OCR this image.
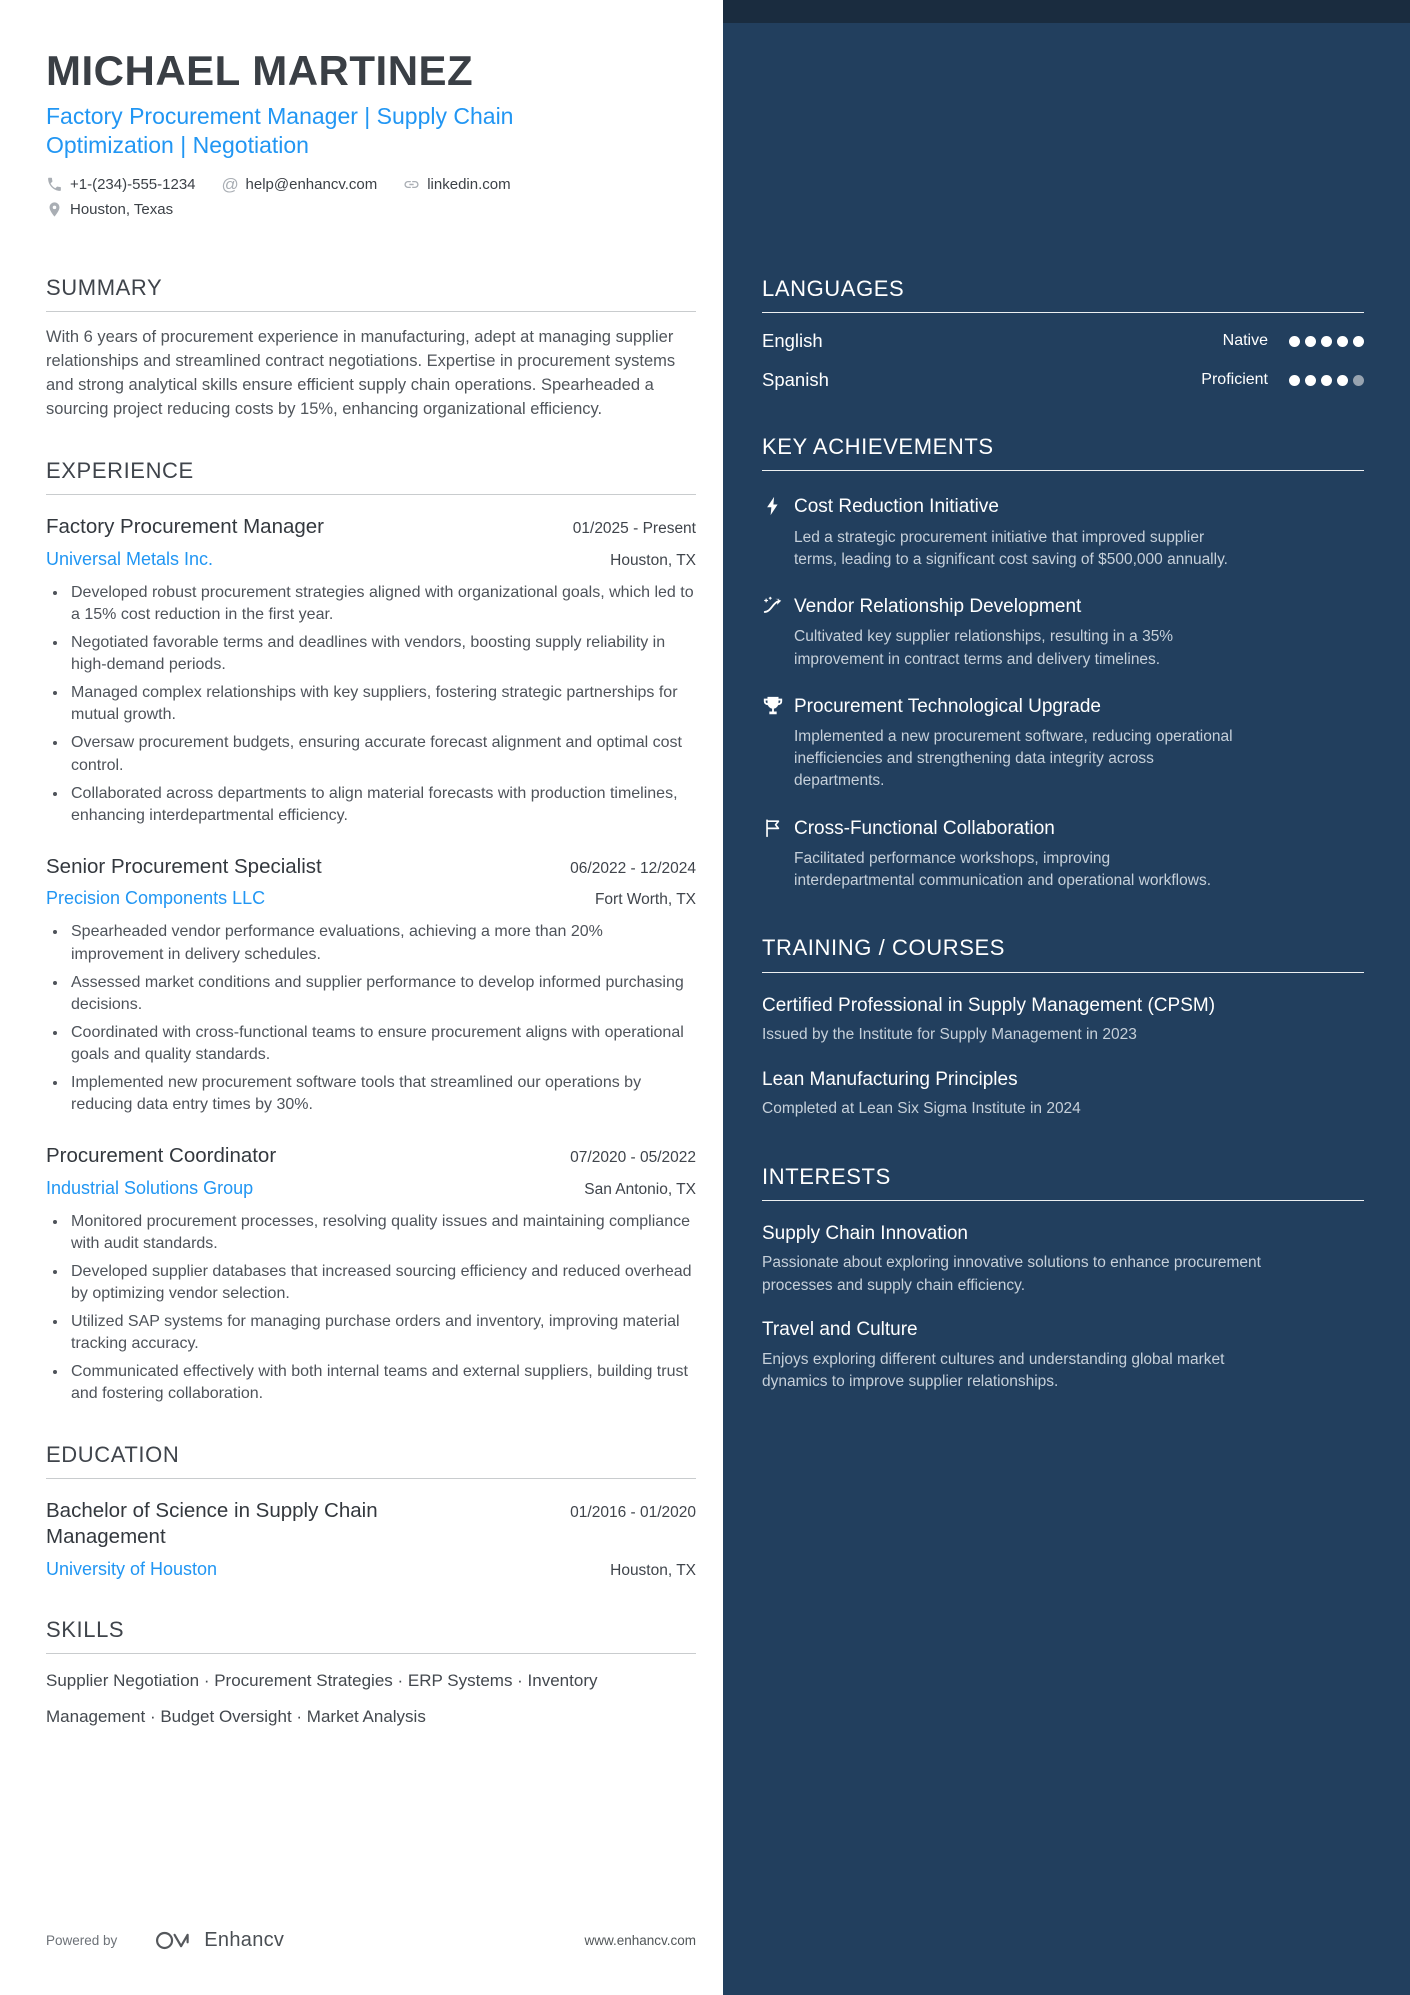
MICHAEL MARTINEZ
Factory Procurement Manager | Supply Chain Optimization | Negotiation
+1-(234)-555-1234 @ help@enhancv.com	linkedin.com
Houston, Texas
SUMMARY
With 6 years of procurement experience in manufacturing, adept at managing supplier relationships and streamlined contract negotiations. Expertise in procurement systems and strong analytical skills ensure efficient supply chain operations. Spearheaded a sourcing project reducing costs by 15%, enhancing organizational efficiency.
EXPERIENCE
Factory Procurement Manager	01/2025 - Present
Universal Metals Inc.	Houston, TX
• Developed robust procurement strategies aligned with organizational goals, which led to a 15% cost reduction in the first year.
• Negotiated favorable terms and deadlines with vendors, boosting supply reliability in high-demand periods.
• Managed complex relationships with key suppliers, fostering strategic partnerships for mutual growth.
• Oversaw procurement budgets, ensuring accurate forecast alignment and optimal cost control.
• Collaborated across departments to align material forecasts with production timelines, enhancing interdepartmental efficiency.
Senior Procurement Specialist	06/2022 - 12/2024
Precision Components LLC	Fort Worth, TX
• Spearheaded vendor performance evaluations, achieving a more than 20% improvement in delivery schedules.
• Assessed market conditions and supplier performance to develop informed purchasing decisions.
• Coordinated with cross-functional teams to ensure procurement aligns with operational goals and quality standards.
• Implemented new procurement software tools that streamlined our operations by reducing data entry times by 30%.
Procurement Coordinator	07/2020 - 05/2022
Industrial Solutions Group	San Antonio, TX
• Monitored procurement processes, resolving quality issues and maintaining compliance with audit standards.
• Developed supplier databases that increased sourcing efficiency and reduced overhead by optimizing vendor selection.
• Utilized SAP systems for managing purchase orders and inventory, improving material tracking accuracy.
• Communicated effectively with both internal teams and external suppliers, building trust and fostering collaboration.
EDUCATION
Bachelor of Science in Supply Chain Management
01/2016 - 01/2020
University of Houston	Houston, TX
SKILLS
Supplier Negotiation · Procurement Strategies · ERP Systems · Inventory Management · Budget Oversight · Market Analysis
Powered by	Enhancv	www.enhancv.com
LANGUAGES
English	Native
Spanish	Proficient
KEY ACHIEVEMENTS
Cost Reduction Initiative
Led a strategic procurement initiative that improved supplier terms, leading to a significant cost saving of $500,000 annually.
Vendor Relationship Development
Cultivated key supplier relationships, resulting in a 35% improvement in contract terms and delivery timelines.
Procurement Technological Upgrade
Implemented a new procurement software, reducing operational inefficiencies and strengthening data integrity across departments.
Cross-Functional Collaboration
Facilitated performance workshops, improving interdepartmental communication and operational workflows.
TRAINING / COURSES
Certified Professional in Supply Management (CPSM)
Issued by the Institute for Supply Management in 2023
Lean Manufacturing Principles
Completed at Lean Six Sigma Institute in 2024
INTERESTS
Supply Chain Innovation
Passionate about exploring innovative solutions to enhance procurement processes and supply chain efficiency.
Travel and Culture
Enjoys exploring different cultures and understanding global market dynamics to improve supplier relationships.
